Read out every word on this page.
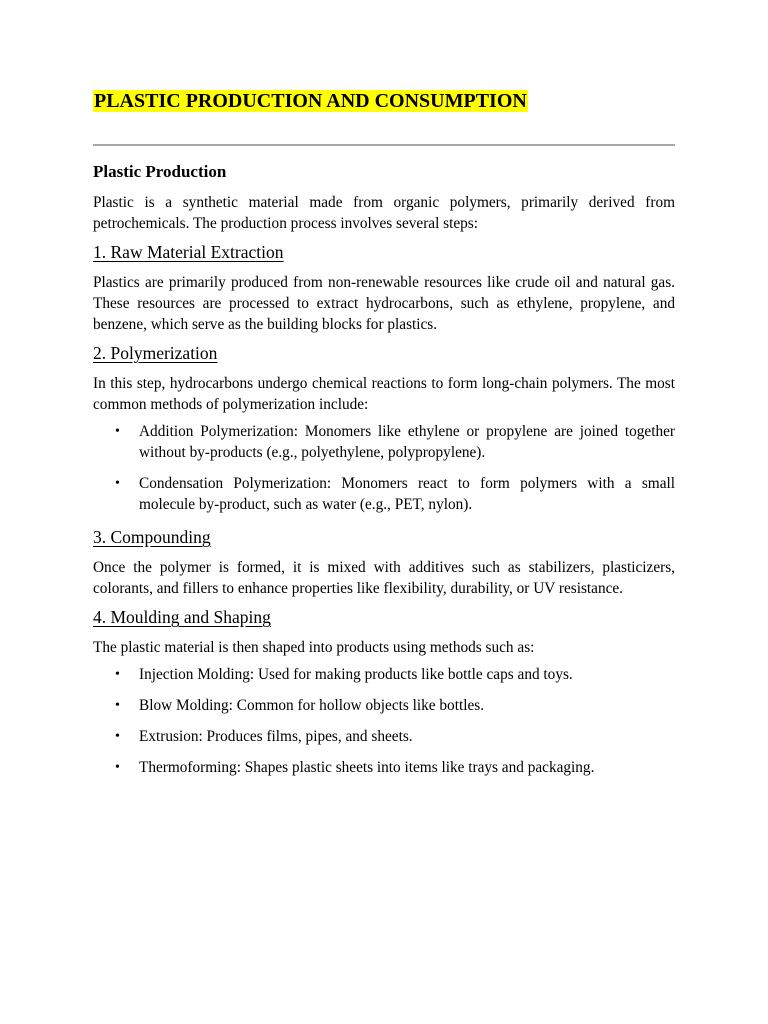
PLASTIC PRODUCTION AND CONSUMPTION
Plastic Production

Plastic is a synthetic material made from organic polymers, primarily derived from petrochemicals. The production process involves several steps:

1. Raw Material Extraction

Plastics are primarily produced from non-renewable resources like crude oil and natural gas. These resources are processed to extract hydrocarbons, such as ethylene, propylene, and benzene, which serve as the building blocks for plastics.

2. Polymerization

In this step, hydrocarbons undergo chemical reactions to form long-chain polymers. The most common methods of polymerization include:

• Addition Polymerization: Monomers like ethylene or propylene are joined together without by-products (e.g., polyethylene, polypropylene).
• Condensation Polymerization: Monomers react to form polymers with a small molecule by-product, such as water (e.g., PET, nylon).
3. Compounding

Once the polymer is formed, it is mixed with additives such as stabilizers, plasticizers, colorants, and fillers to enhance properties like flexibility, durability, or UV resistance.

4. Moulding and Shaping

The plastic material is then shaped into products using methods such as:

• Injection Molding: Used for making products like bottle caps and toys.
• Blow Molding: Common for hollow objects like bottles.
• Extrusion: Produces films, pipes, and sheets.
• Thermoforming: Shapes plastic sheets into items like trays and packaging.
